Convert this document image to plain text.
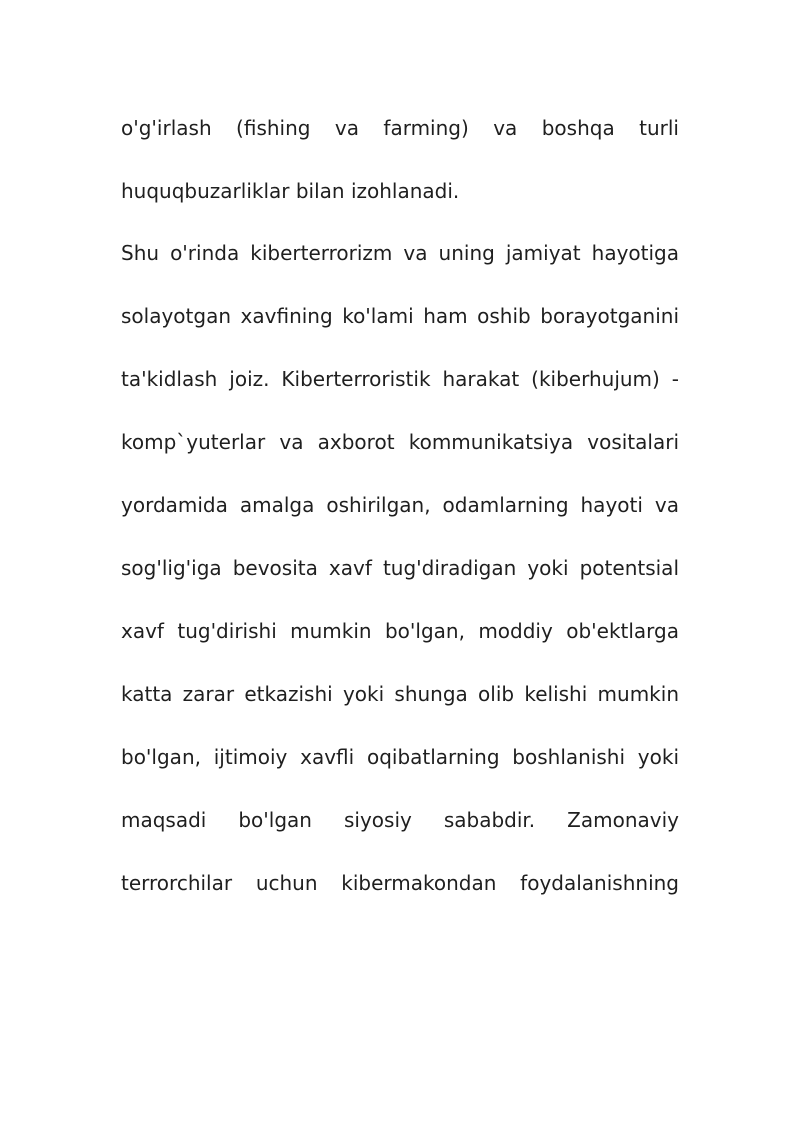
o'g'irlash (fishing va farming) va boshqa turli
huquqbuzarliklar bilan izohlanadi.
Shu o'rinda kiberterrorizm va uning jamiyat hayotiga
solayotgan xavfining ko'lami ham oshib borayotganini
ta'kidlash joiz. Kiberterroristik harakat (kiberhujum) -
komp`yuterlar va axborot kommunikatsiya vositalari
yordamida amalga oshirilgan, odamlarning hayoti va
sog'lig'iga bevosita xavf tug'diradigan yoki potentsial
xavf tug'dirishi mumkin bo'lgan, moddiy ob'ektlarga
katta zarar etkazishi yoki shunga olib kelishi mumkin
bo'lgan, ijtimoiy xavfli oqibatlarning boshlanishi yoki
maqsadi bo'lgan siyosiy sababdir. Zamonaviy
terrorchilar uchun kibermakondan foydalanishning
